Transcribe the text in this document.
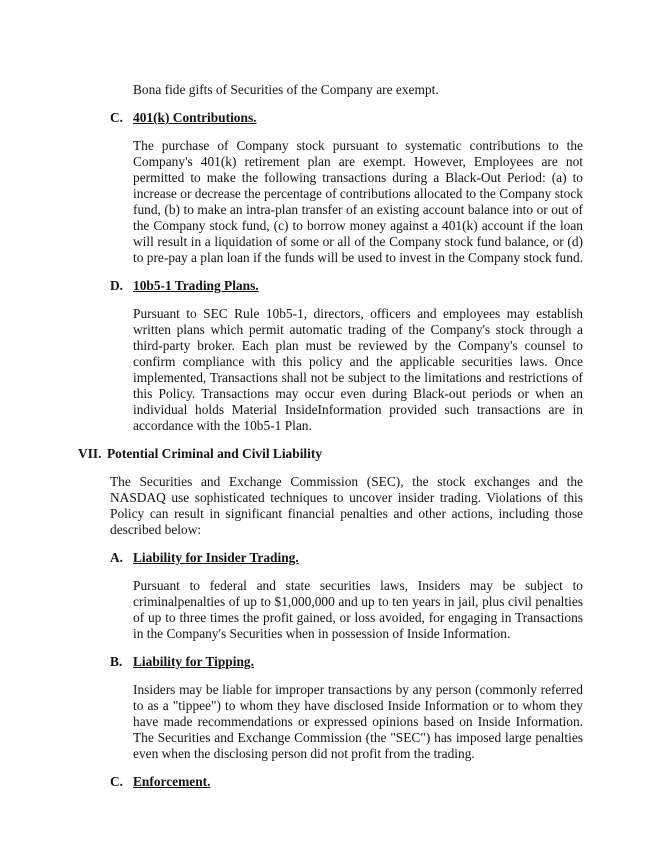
Bona fide gifts of Securities of the Company are exempt.

C. 401(k) Contributions.

The purchase of Company stock pursuant to systematic contributions to the Company's 401(k) retirement plan are exempt. However, Employees are not permitted to make the following transactions during a Black-Out Period: (a) to increase or decrease the percentage of contributions allocated to the Company stock fund, (b) to make an intra-plan transfer of an existing account balance into or out of the Company stock fund, (c) to borrow money against a 401(k) account if the loan will result in a liquidation of some or all of the Company stock fund balance, or (d) to pre-pay a plan loan if the funds will be used to invest in the Company stock fund.

D. 10b5-1 Trading Plans.

Pursuant to SEC Rule 10b5-1, directors, officers and employees may establish written plans which permit automatic trading of the Company's stock through a third-party broker. Each plan must be reviewed by the Company's counsel to confirm compliance with this policy and the applicable securities laws. Once implemented, Transactions shall not be subject to the limitations and restrictions of this Policy. Transactions may occur even during Black-out periods or when an individual holds Material InsideInformation provided such transactions are in accordance with the 10b5-1 Plan.

VII. Potential Criminal and Civil Liability

The Securities and Exchange Commission (SEC), the stock exchanges and the NASDAQ use sophisticated techniques to uncover insider trading. Violations of this Policy can result in significant financial penalties and other actions, including those described below:

A. Liability for Insider Trading.

Pursuant to federal and state securities laws, Insiders may be subject to criminalpenalties of up to $1,000,000 and up to ten years in jail, plus civil penalties of up to three times the profit gained, or loss avoided, for engaging in Transactions in the Company's Securities when in possession of Inside Information.

B. Liability for Tipping.

Insiders may be liable for improper transactions by any person (commonly referred to as a "tippee") to whom they have disclosed Inside Information or to whom they have made recommendations or expressed opinions based on Inside Information. The Securities and Exchange Commission (the "SEC") has imposed large penalties even when the disclosing person did not profit from the trading.

C. Enforcement.
